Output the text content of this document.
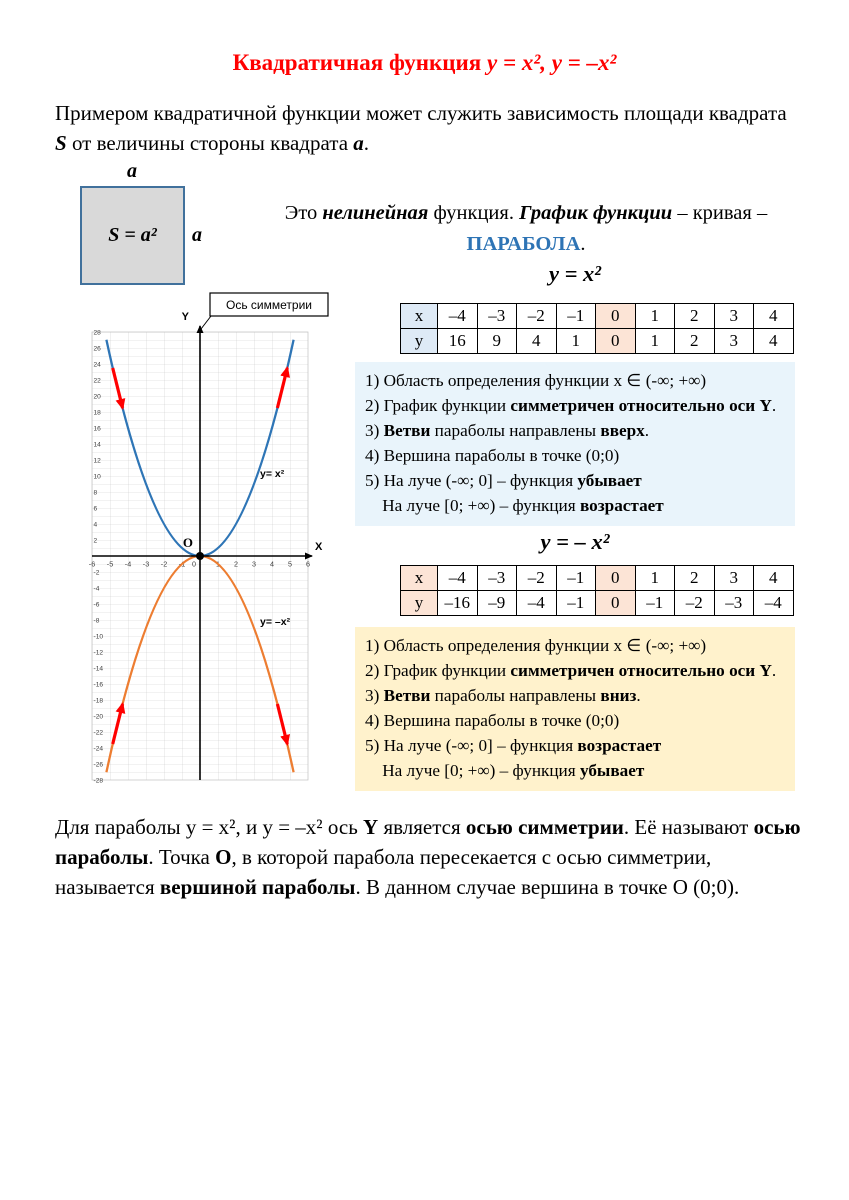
Квадратичная функция y = x², y = –x²
Примером квадратичной функции может служить зависимость площади квадрата S от величины стороны квадрата a.
a
S = a² a
Это нелинейная функция. График функции – кривая –
ПАРАБОЛА.
28
26
24
22
20
18
16
14
12
10
8
6
4
2
-2
-4
-6
-8
-10
-12
-14
-16
-18
-20
-22
-24
-26
-28
-6 -5 -4 -3 -2 -1 0	1 2 3 4 5 6
Y
X
O
y= x²
y= –x²
Ось симметрии
y = x²
x	–4	–3	–2	–1	0	1	2	3	4
y	16	9	4	1	0	1	2	3	4
1) Область определения функции х ∈ (-∞; +∞)
2) График функции симметричен относительно оси Y.
3) Ветви параболы направлены вверх.
4) Вершина параболы в точке (0;0)
5) На луче (-∞; 0] – функция убывает
На луче [0; +∞) – функция возрастает
y = – x²
x	–4	–3	–2	–1	0	1	2	3	4
y	–16	–9	–4	–1	0	–1	–2	–3	–4
1) Область определения функции х ∈ (-∞; +∞)
2) График функции симметричен относительно оси Y.
3) Ветви параболы направлены вниз.
4) Вершина параболы в точке (0;0)
5) На луче (-∞; 0] – функция возрастает
На луче [0; +∞) – функция убывает
Для параболы y = x², и y = –x² ось Y является осью симметрии. Её называют осью параболы. Точка О, в которой парабола пересекается с осью симметрии, называется вершиной параболы. В данном случае вершина в точке О (0;0).
